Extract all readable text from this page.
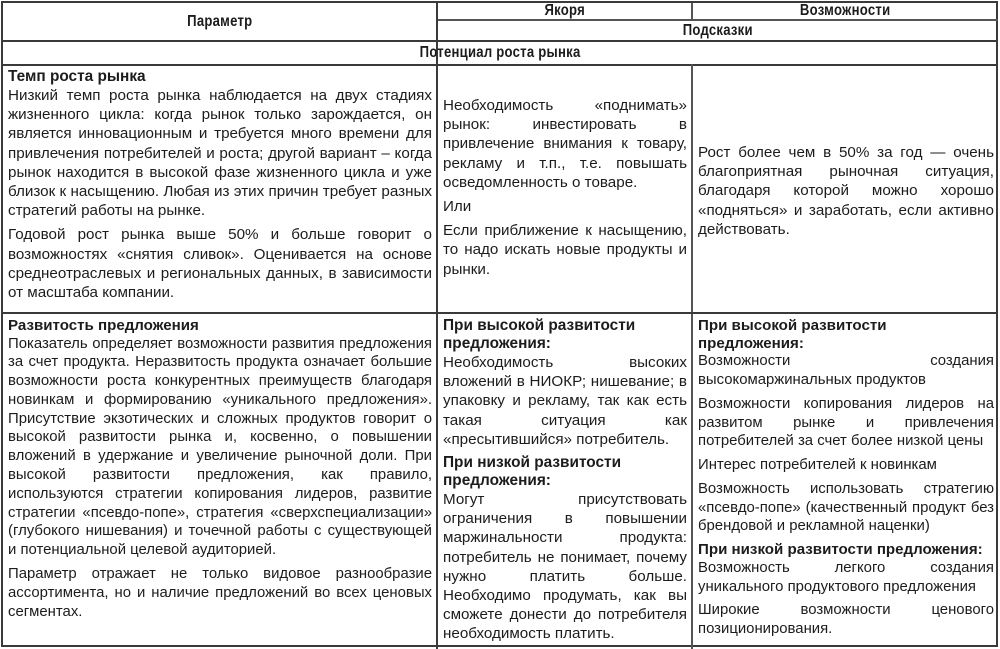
Параметр
Якоря	Возможности
Подсказки
Потенциал роста рынка

Темп роста рынка

Низкий темп роста рынка наблюдается на двух стадиях жизненного цикла: когда рынок только зарождается, он является инновационным и требуется много времени для привлечения потребителей и роста; другой вариант – когда рынок находится в высокой фазе жизненного цикла и уже близок к насыщению. Любая из этих причин требует разных стратегий работы на рынке.

Годовой рост рынка выше 50% и больше говорит о возможностях «снятия сливок». Оценивается на основе среднеотраслевых и региональных данных, в зависимости от масштаба компании.

Необходимость «поднимать» рынок: инвестировать в привлечение внимания к товару, рекламу и т.п., т.е. повышать осведомленность о товаре.

Или

Если приближение к насыщению, то надо искать новые продукты и рынки.

Рост более чем в 50% за год — очень благоприятная рыночная ситуация, благодаря которой можно хорошо «подняться» и заработать, если активно действовать.

Развитость предложения

Показатель определяет возможности развития предложения за счет продукта. Неразвитость продукта означает большие возможности роста конкурентных преимуществ благодаря новинкам и формированию «уникального предложения». Присутствие экзотических и сложных продуктов говорит о высокой развитости рынка и, косвенно, о повышении вложений в удержание и увеличение рыночной доли. При высокой развитости предложения, как правило, используются стратегии копирования лидеров, развитие стратегии «псевдо-попе», стратегия «сверхспециализации» (глубокого нишевания) и точечной работы с существующей и потенциальной целевой аудиторией.

Параметр отражает не только видовое разнообразие ассортимента, но и наличие предложений во всех ценовых сегментах.

При высокой развитости предложения:

Необходимость высоких вложений в НИОКР; нишевание; в упаковку и рекламу, так как есть такая ситуация как «пресытившийся» потребитель.

При низкой развитости предложения:

Могут присутствовать ограничения в повышении маржинальности продукта: потребитель не понимает, почему нужно платить больше. Необходимо продумать, как вы сможете донести до потребителя необходимость платить.

При высокой развитости предложения:

Возможности создания высокомаржинальных продуктов

Возможности копирования лидеров на развитом рынке и привлечения потребителей за счет более низкой цены

Интерес потребителей к новинкам

Возможность использовать стратегию «псевдо-попе» (качественный продукт без брендовой и рекламной наценки)

При низкой развитости предложения:

Возможность легкого создания уникального продуктового предложения

Широкие возможности ценового позиционирования.
